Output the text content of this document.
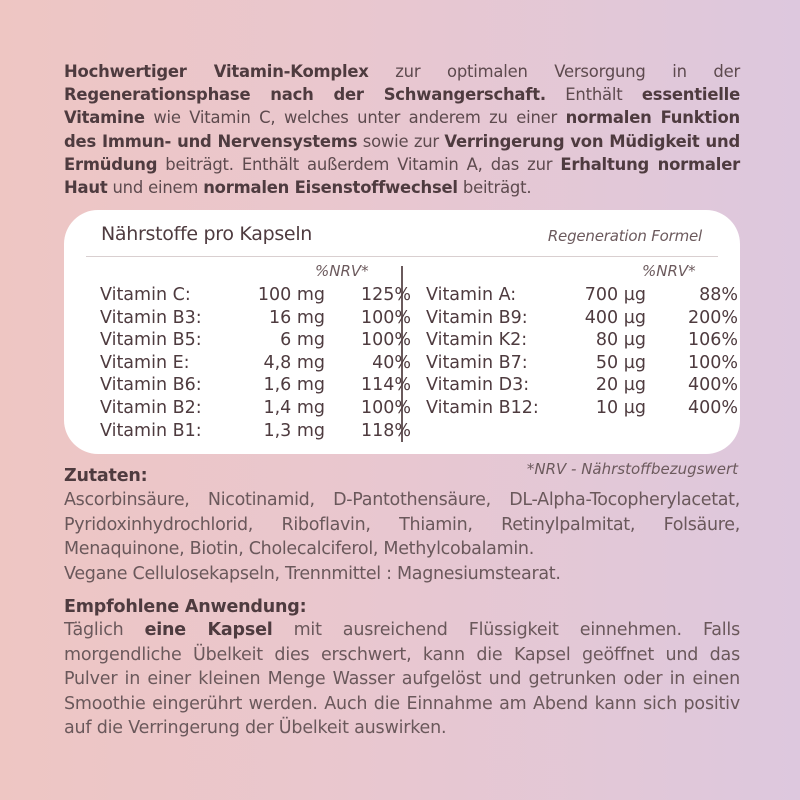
Hochwertiger Vitamin-Komplex zur optimalen Versorgung in der Regenerationsphase nach der Schwangerschaft. Enthält essentielle Vitamine wie Vitamin C, welches unter anderem zu einer normalen Funktion des Immun- und Nervensystems sowie zur Verringerung von Müdigkeit und Ermüdung beiträgt. Enthält außerdem Vitamin A, das zur Erhaltung normaler Haut und einem normalen Eisenstoffwechsel beiträgt.
Nährstoffe pro Kapseln	Regeneration Formel
%NRV*	%NRV*
Vitamin C:	100 mg	125%
Vitamin B3:	16 mg	100%
Vitamin B5:	6 mg	100%
Vitamin E:	4,8 mg	40%
Vitamin B6:	1,6 mg	114%
Vitamin B2:	1,4 mg	100%
Vitamin B1:	1,3 mg	118%
Vitamin A:	700 µg	88%
Vitamin B9:	400 µg	200%
Vitamin K2:	80 µg	106%
Vitamin B7:	50 µg	100%
Vitamin D3:	20 µg	400%
Vitamin B12:	10 µg	400%
*NRV - Nährstoffbezugswert
Zutaten:
Ascorbinsäure, Nicotinamid, D-Pantothensäure, DL-Alpha-Tocopherylacetat, Pyridoxinhydrochlorid, Riboflavin, Thiamin, Retinylpalmitat, Folsäure, Menaquinone, Biotin, Cholecalciferol, Methylcobalamin.
Vegane Cellulosekapseln, Trennmittel : Magnesiumstearat.
Empfohlene Anwendung:
Täglich eine Kapsel mit ausreichend Flüssigkeit einnehmen. Falls morgendliche Übelkeit dies erschwert, kann die Kapsel geöffnet und das Pulver in einer kleinen Menge Wasser aufgelöst und getrunken oder in einen Smoothie eingerührt werden. Auch die Einnahme am Abend kann sich positiv auf die Verringerung der Übelkeit auswirken.
